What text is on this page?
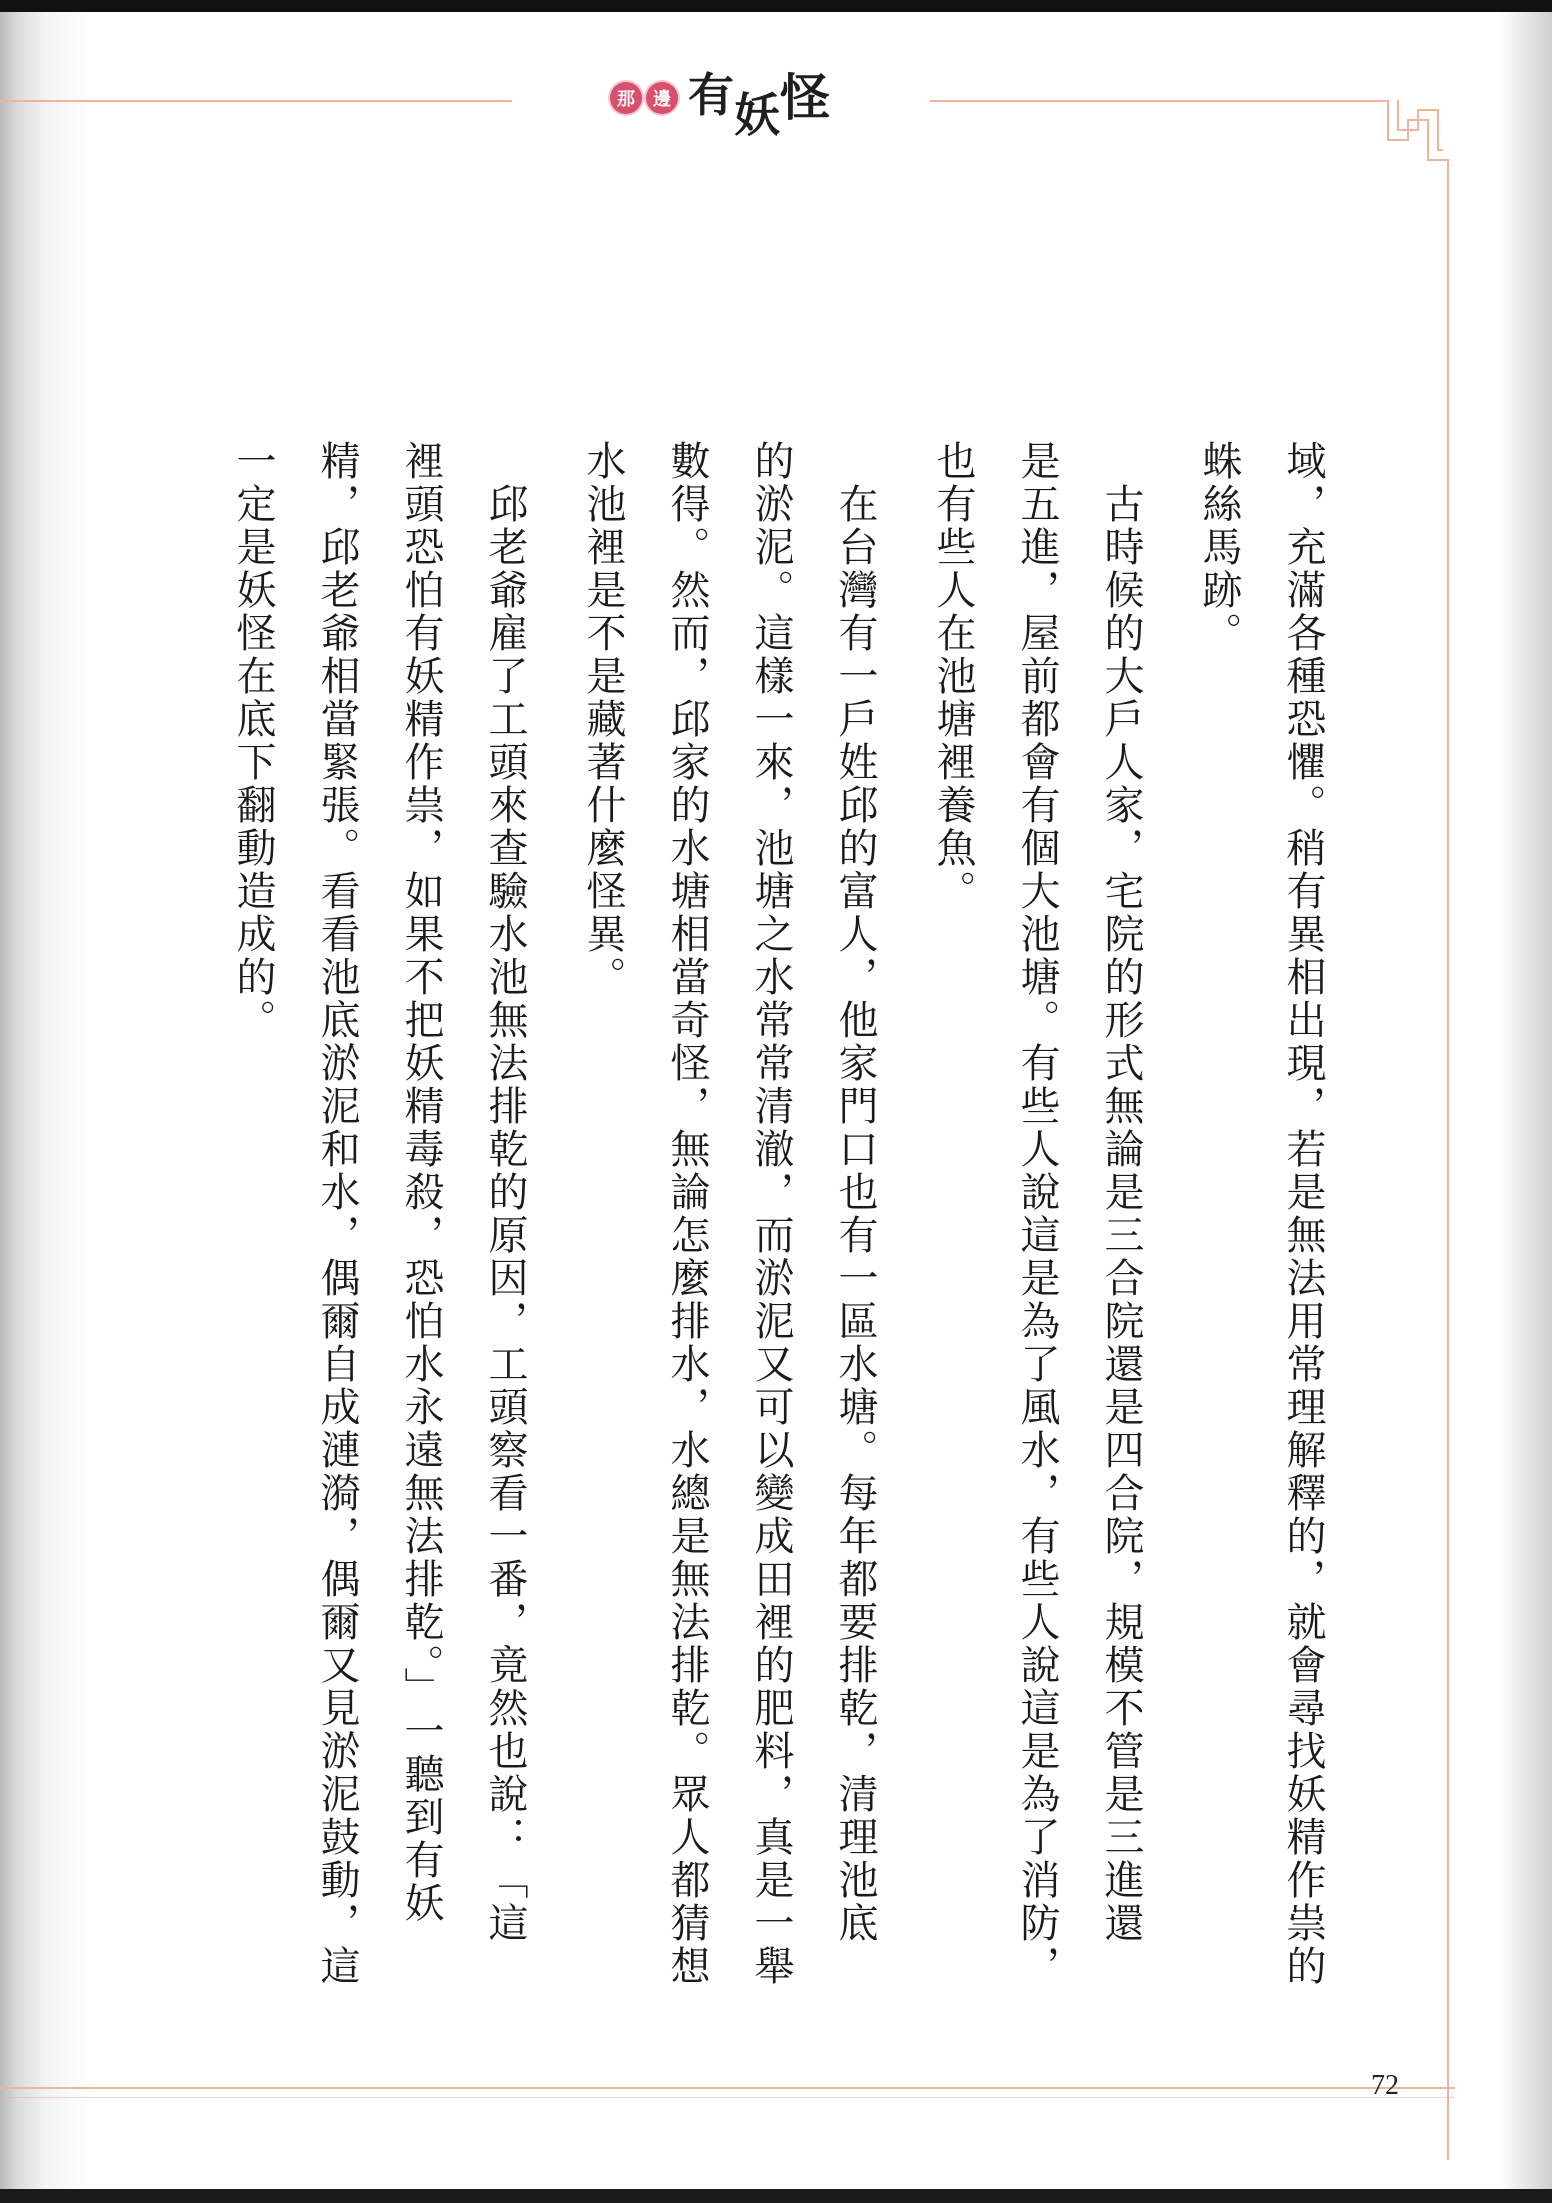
那	邊 有 妖 怪
域，充滿各種恐懼。稍有異相出現，若是無法用常理解釋的，就會尋找妖精作祟的
蛛絲馬跡。
　古時候的大戶人家，宅院的形式無論是三合院還是四合院，規模不管是三進還
是五進，屋前都會有個大池塘。有些人說這是為了風水，有些人說這是為了消防，
也有些人在池塘裡養魚。
　在台灣有一戶姓邱的富人，他家門口也有一區水塘。每年都要排乾，清理池底
的淤泥。這樣一來，池塘之水常常清澈，而淤泥又可以變成田裡的肥料，真是一舉
數得。然而，邱家的水塘相當奇怪，無論怎麼排水，水總是無法排乾。眾人都猜想
水池裡是不是藏著什麼怪異。
　邱老爺雇了工頭來查驗水池無法排乾的原因，工頭察看一番，竟然也說：「這
裡頭恐怕有妖精作祟，如果不把妖精毒殺，恐怕水永遠無法排乾。」一聽到有妖
精，邱老爺相當緊張。看看池底淤泥和水，偶爾自成漣漪，偶爾又見淤泥鼓動，這
一定是妖怪在底下翻動造成的。
72
